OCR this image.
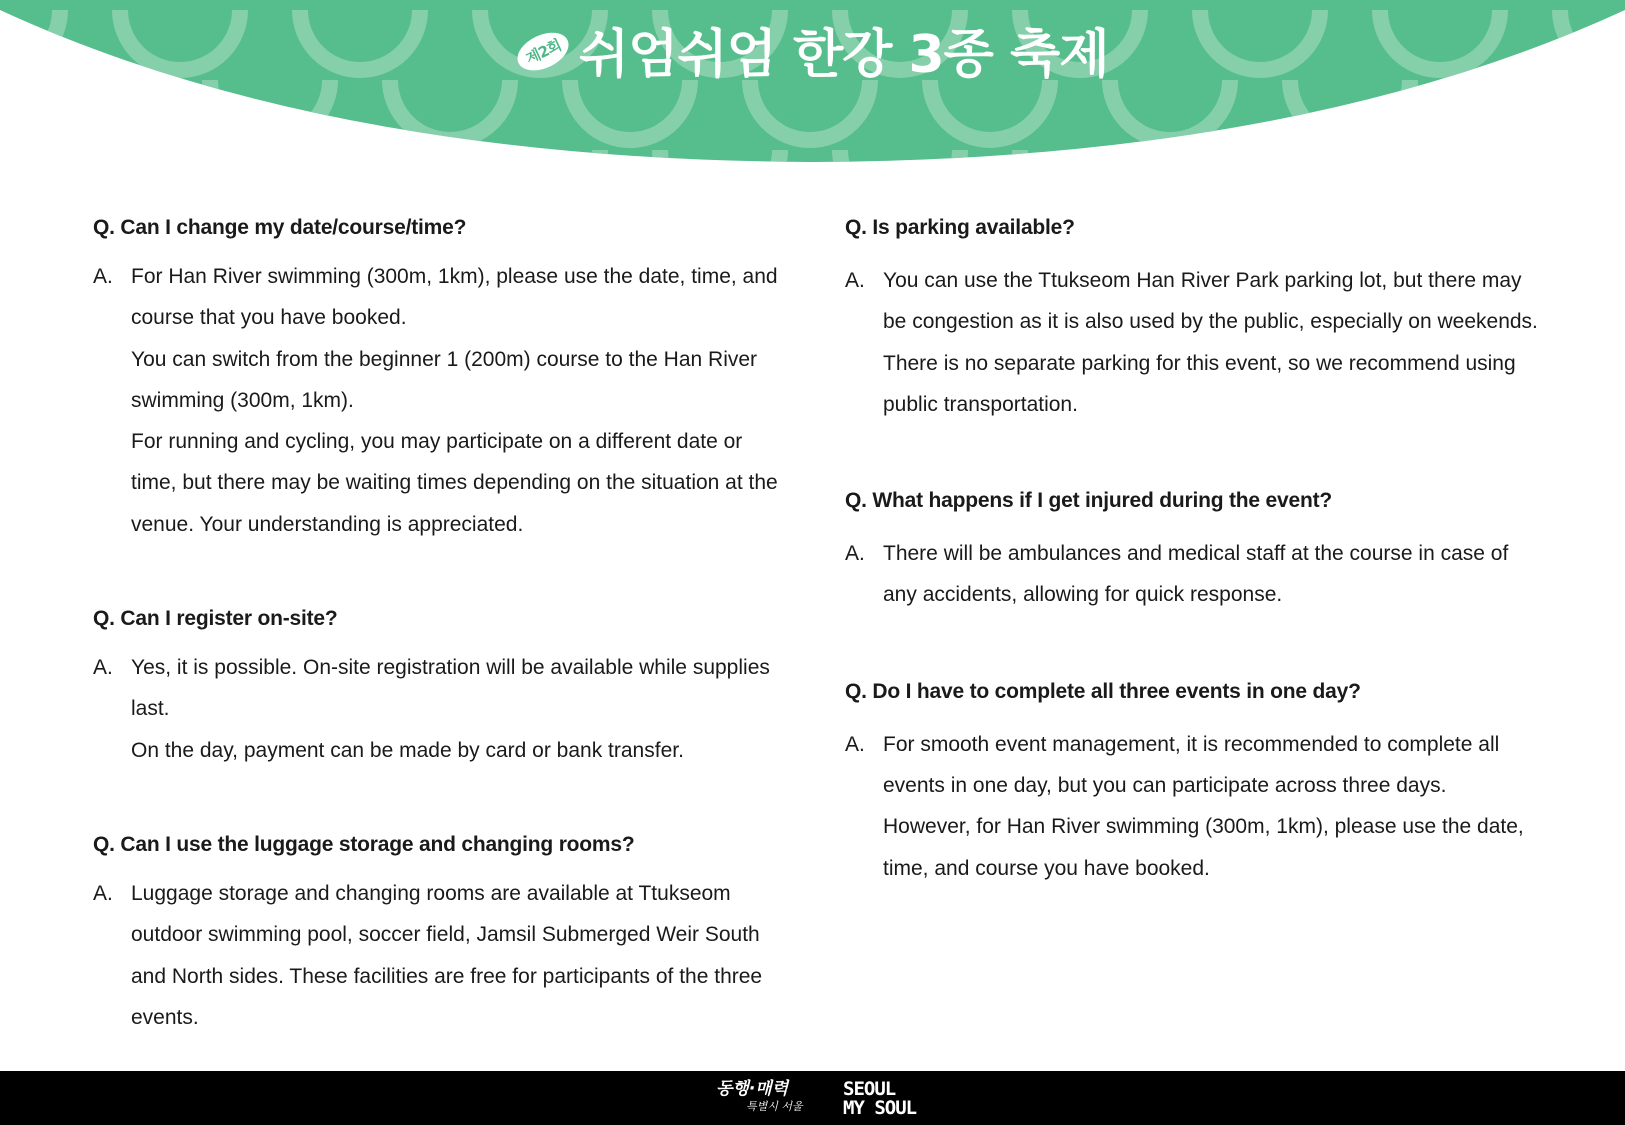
제2회 쉬엄쉬엄 한강 3종 축제
Q. Can I change my date/course/time?
A. For Han River swimming (300m, 1km), please use the date, time, and course that you have booked.

You can switch from the beginner 1 (200m) course to the Han River swimming (300m, 1km).

For running and cycling, you may participate on a different date or time, but there may be waiting times depending on the situation at the venue. Your understanding is appreciated.

Q. Can I register on-site?
A. Yes, it is possible. On-site registration will be available while supplies last.

On the day, payment can be made by card or bank transfer.

Q. Can I use the luggage storage and changing rooms?
A. Luggage storage and changing rooms are available at Ttukseom outdoor swimming pool, soccer field, Jamsil Submerged Weir South and North sides. These facilities are free for participants of the three events.

Q. Is parking available?
A. You can use the Ttukseom Han River Park parking lot, but there may be congestion as it is also used by the public, especially on weekends.

There is no separate parking for this event, so we recommend using public transportation.

Q. What happens if I get injured during the event?
A. There will be ambulances and medical staff at the course in case of any accidents, allowing for quick response.

Q. Do I have to complete all three events in one day?
A. For smooth event management, it is recommended to complete all events in one day, but you can participate across three days.

However, for Han River swimming (300m, 1km), please use the date, time, and course you have booked.

동행·매력
특별시 서울
SEOUL
MY SOUL
